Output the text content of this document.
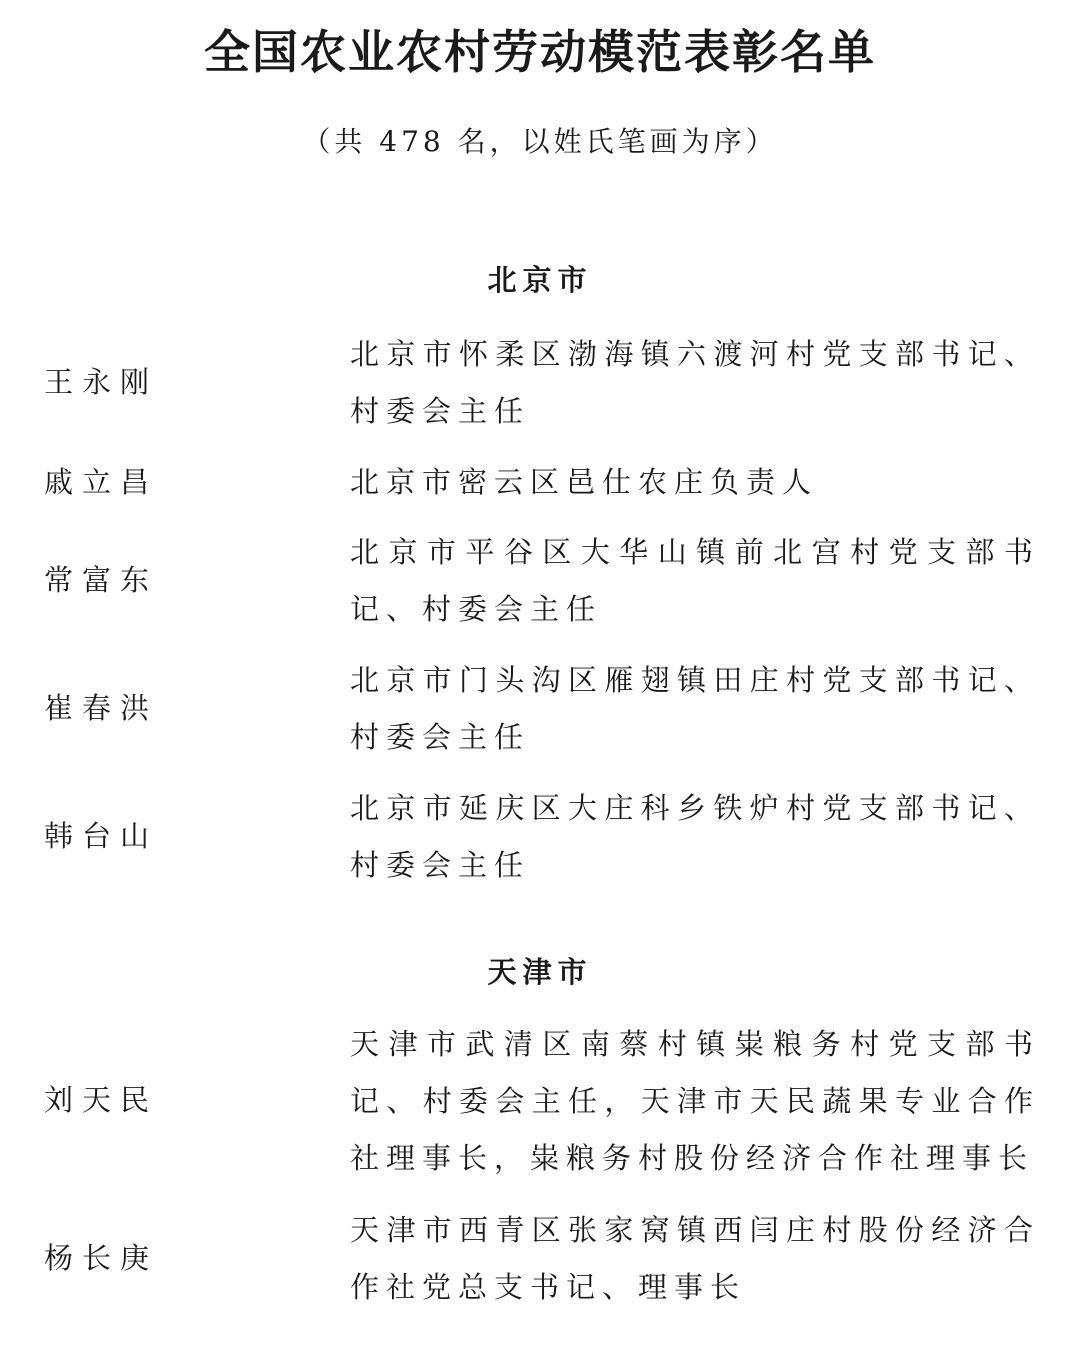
全国农业农村劳动模范表彰名单
（共 478 名，以姓氏笔画为序）
北京市
王永刚
北京市怀柔区渤海镇六渡河村党支部书记、村委会主任
戚立昌	北京市密云区邑仕农庄负责人
常富东
北京市平谷区大华山镇前北宫村党支部书记、村委会主任
崔春洪
北京市门头沟区雁翅镇田庄村党支部书记、村委会主任
韩台山
北京市延庆区大庄科乡铁炉村党支部书记、村委会主任
天津市
刘天民
天津市武清区南蔡村镇粜粮务村党支部书记、村委会主任，天津市天民蔬果专业合作社理事长，粜粮务村股份经济合作社理事长
杨长庚
天津市西青区张家窝镇西闫庄村股份经济合作社党总支书记、理事长
